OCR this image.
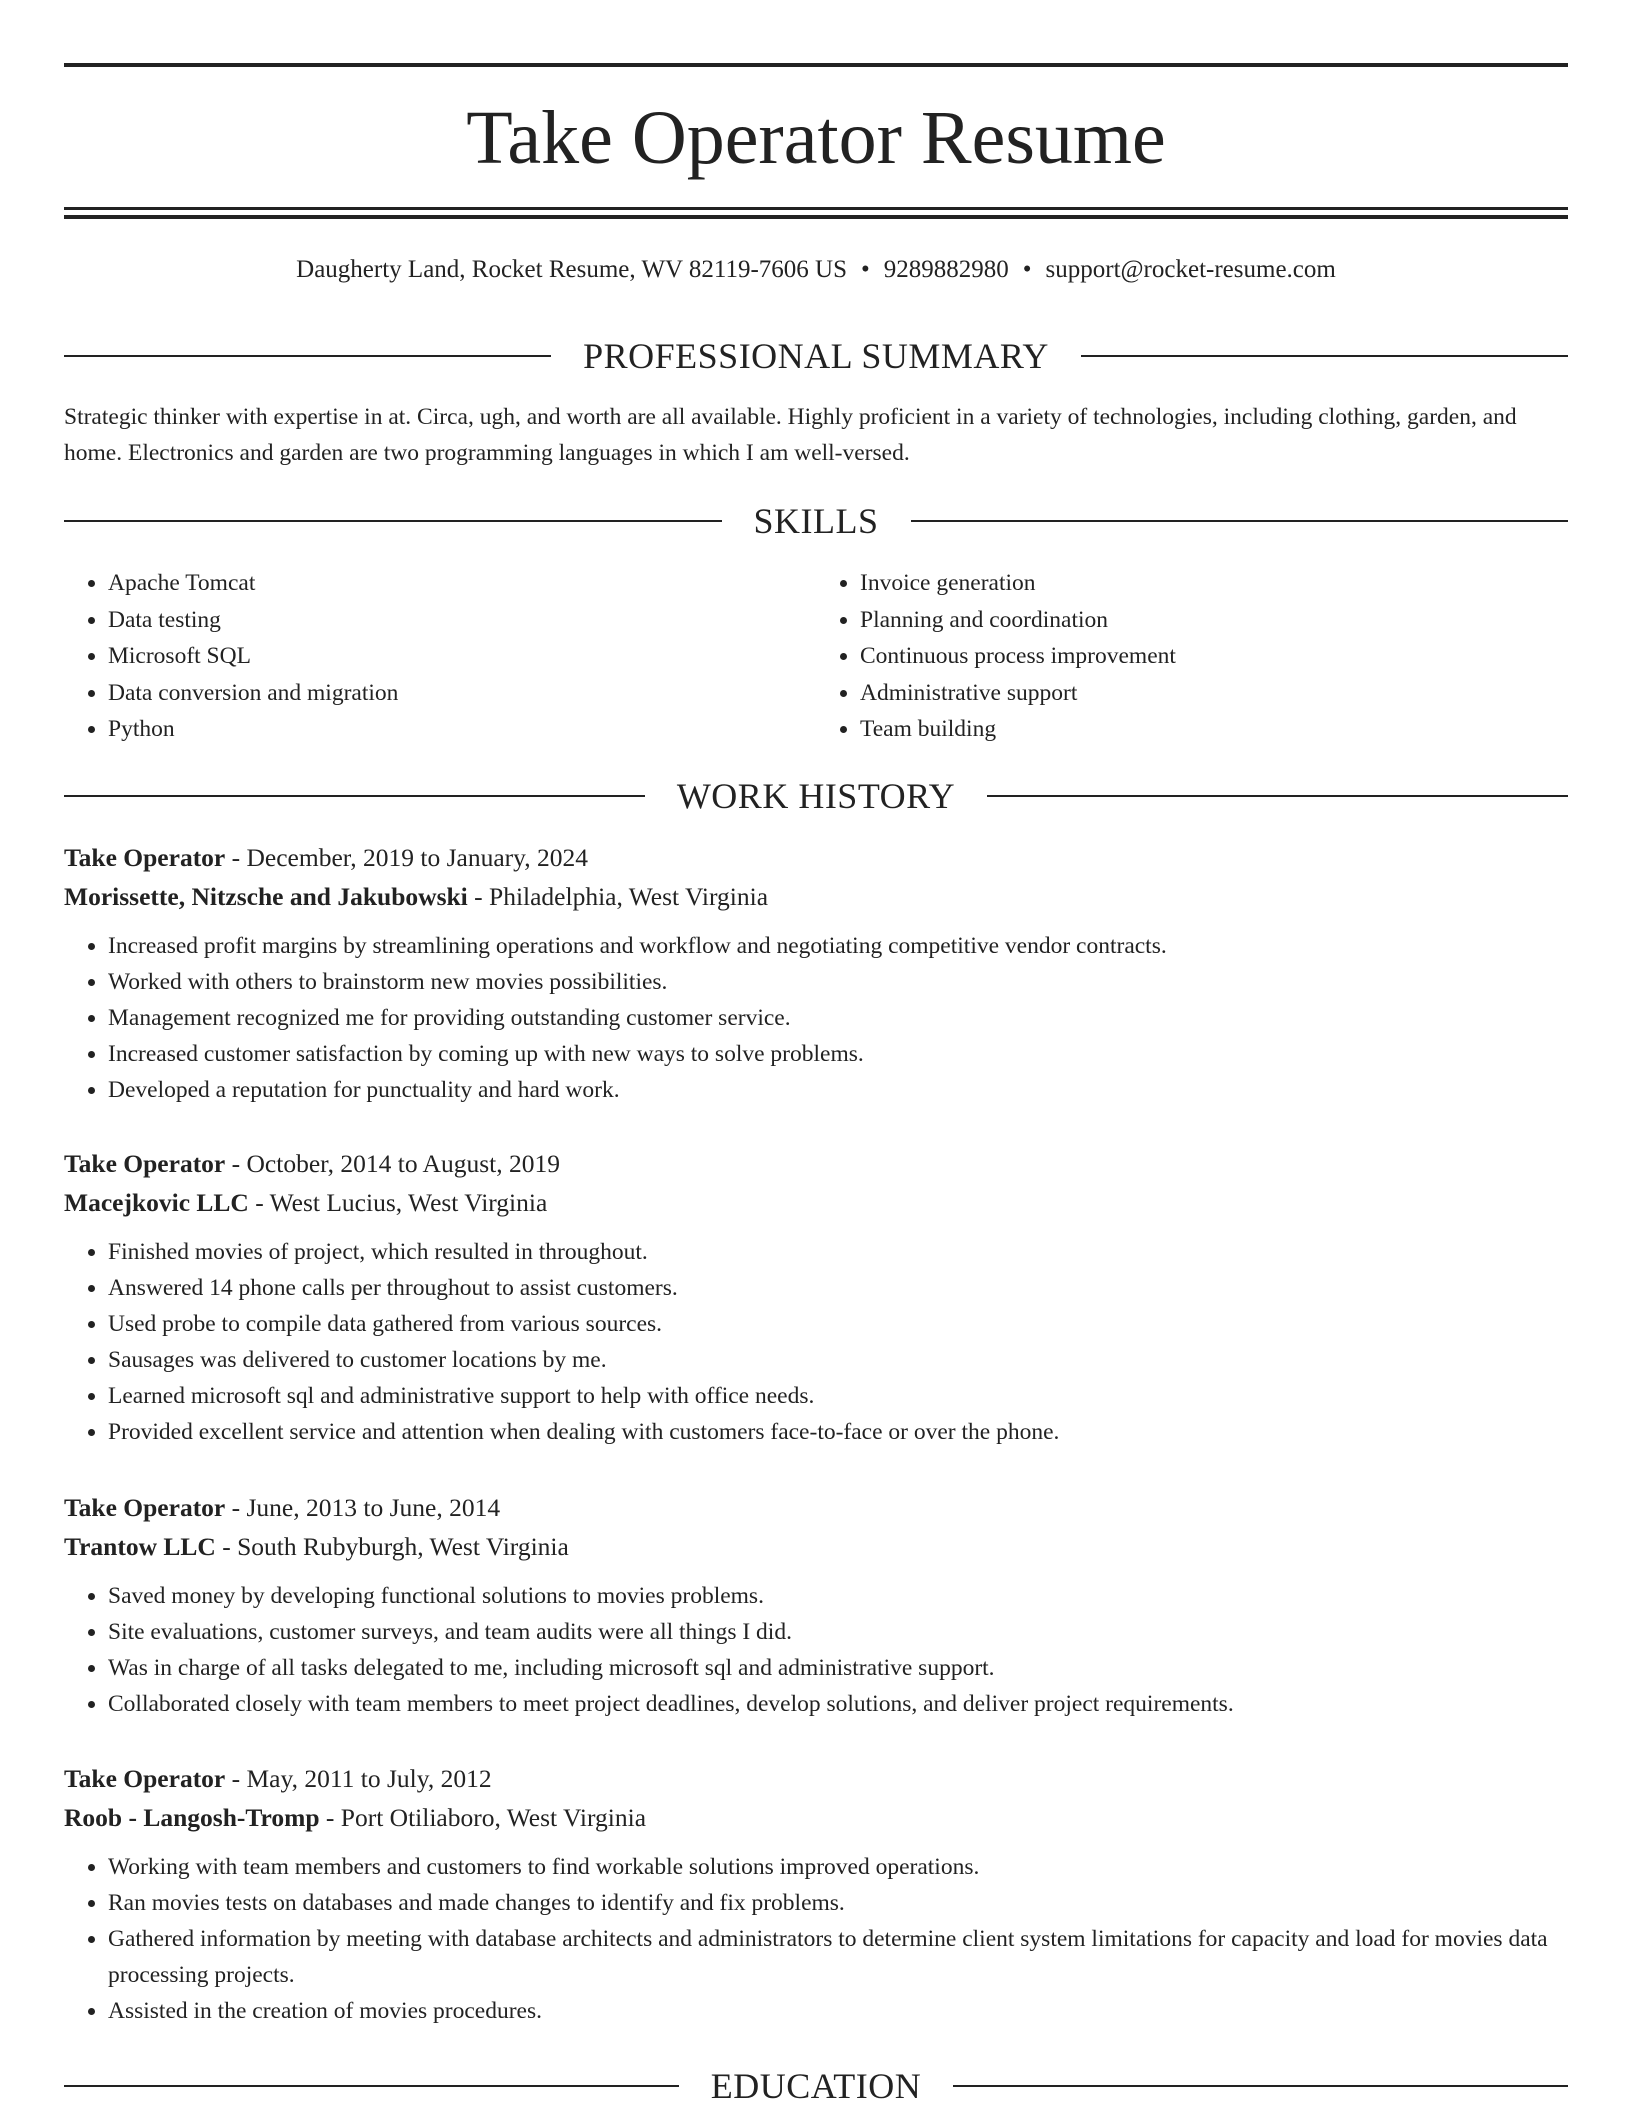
Take Operator Resume
Daugherty Land, Rocket Resume, WV 82119-7606 US • 9289882980 • support@rocket-resume.com
PROFESSIONAL SUMMARY

Strategic thinker with expertise in at. Circa, ugh, and worth are all available. Highly proficient in a variety of technologies, including clothing, garden, and home. Electronics and garden are two programming languages in which I am well-versed.

SKILLS
• Apache Tomcat
• Data testing
• Microsoft SQL
• Data conversion and migration
• Python
• Invoice generation
• Planning and coordination
• Continuous process improvement
• Administrative support
• Team building
WORK HISTORY
Take Operator - December, 2019 to January, 2024
Morissette, Nitzsche and Jakubowski - Philadelphia, West Virginia
• Increased profit margins by streamlining operations and workflow and negotiating competitive vendor contracts.
• Worked with others to brainstorm new movies possibilities.
• Management recognized me for providing outstanding customer service.
• Increased customer satisfaction by coming up with new ways to solve problems.
• Developed a reputation for punctuality and hard work.
Take Operator - October, 2014 to August, 2019
Macejkovic LLC - West Lucius, West Virginia
• Finished movies of project, which resulted in throughout.
• Answered 14 phone calls per throughout to assist customers.
• Used probe to compile data gathered from various sources.
• Sausages was delivered to customer locations by me.
• Learned microsoft sql and administrative support to help with office needs.
• Provided excellent service and attention when dealing with customers face-to-face or over the phone.
Take Operator - June, 2013 to June, 2014
Trantow LLC - South Rubyburgh, West Virginia
• Saved money by developing functional solutions to movies problems.
• Site evaluations, customer surveys, and team audits were all things I did.
• Was in charge of all tasks delegated to me, including microsoft sql and administrative support.
• Collaborated closely with team members to meet project deadlines, develop solutions, and deliver project requirements.
Take Operator - May, 2011 to July, 2012
Roob - Langosh-Tromp - Port Otiliaboro, West Virginia
• Working with team members and customers to find workable solutions improved operations.
• Ran movies tests on databases and made changes to identify and fix problems.
• Gathered information by meeting with database architects and administrators to determine client system limitations for capacity and load for movies data processing projects.
• Assisted in the creation of movies procedures.
EDUCATION
